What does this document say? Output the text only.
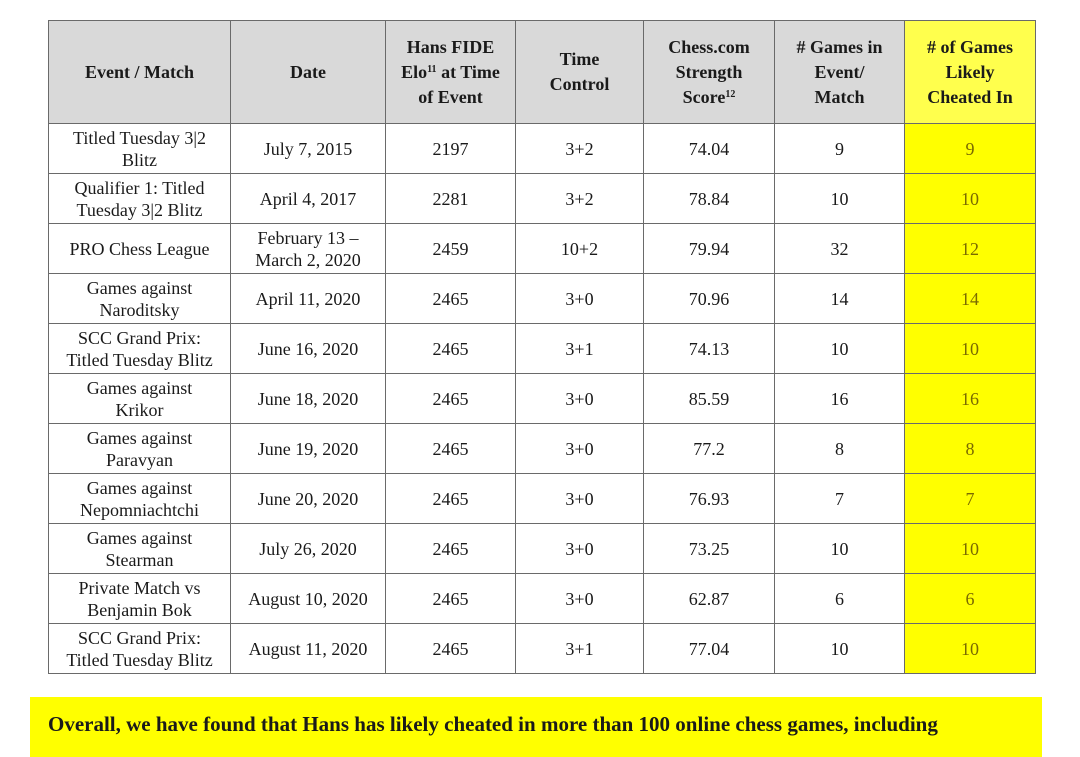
Event / Match	Date	Hans FIDE
Elo$^{11}$ at Time
of Event	Time
Control	Chess.com
Strength
Score$^{12}$	# Games in
Event/
Match	# of Games
Likely
Cheated In
Titled Tuesday 3|2
Blitz	July 7, 2015	2197	3+2	74.04	9	9
Qualifier 1: Titled
Tuesday 3|2 Blitz	April 4, 2017	2281	3+2	78.84	10	10
PRO Chess League	February 13 –
March 2, 2020	2459	10+2	79.94	32	12
Games against
Naroditsky	April 11, 2020	2465	3+0	70.96	14	14
SCC Grand Prix:
Titled Tuesday Blitz	June 16, 2020	2465	3+1	74.13	10	10
Games against
Krikor	June 18, 2020	2465	3+0	85.59	16	16
Games against
Paravyan	June 19, 2020	2465	3+0	77.2	8	8
Games against
Nepomniachtchi	June 20, 2020	2465	3+0	76.93	7	7
Games against
Stearman	July 26, 2020	2465	3+0	73.25	10	10
Private Match vs
Benjamin Bok	August 10, 2020	2465	3+0	62.87	6	6
SCC Grand Prix:
Titled Tuesday Blitz	August 11, 2020	2465	3+1	77.04	10	10
Overall, we have found that Hans has likely cheated in more than 100 online chess games, including
